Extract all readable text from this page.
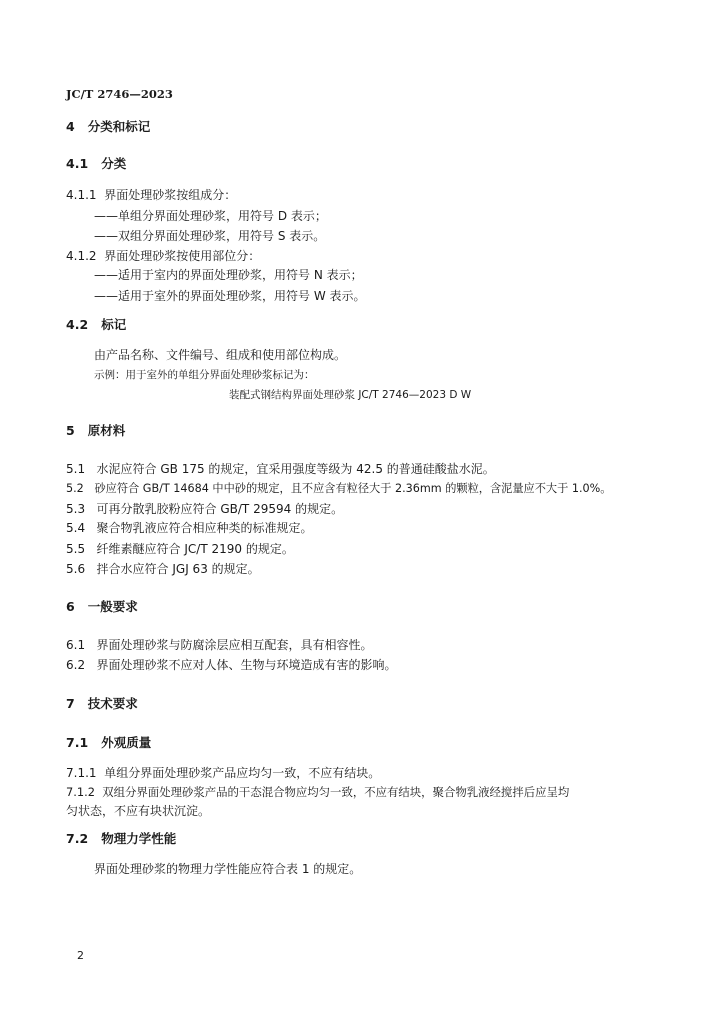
JC/T 2746—2023
4 分类和标记
4.1 分类
4.1.1 界面处理砂浆按组成分：
——单组分界面处理砂浆，用符号 D 表示；
——双组分界面处理砂浆，用符号 S 表示。
4.1.2 界面处理砂浆按使用部位分：
——适用于室内的界面处理砂浆，用符号 N 表示；
——适用于室外的界面处理砂浆，用符号 W 表示。
4.2 标记
由产品名称、文件编号、组成和使用部位构成。
示例：用于室外的单组分界面处理砂浆标记为：
装配式钢结构界面处理砂浆 JC/T 2746—2023 D W
5 原材料
5.1 水泥应符合 GB 175 的规定，宜采用强度等级为 42.5 的普通硅酸盐水泥。
5.2 砂应符合 GB/T 14684 中中砂的规定，且不应含有粒径大于 2.36mm 的颗粒，含泥量应不大于 1.0%。
5.3 可再分散乳胶粉应符合 GB/T 29594 的规定。
5.4 聚合物乳液应符合相应种类的标准规定。
5.5 纤维素醚应符合 JC/T 2190 的规定。
5.6 拌合水应符合 JGJ 63 的规定。
6 一般要求
6.1 界面处理砂浆与防腐涂层应相互配套，具有相容性。
6.2 界面处理砂浆不应对人体、生物与环境造成有害的影响。
7 技术要求
7.1 外观质量
7.1.1 单组分界面处理砂浆产品应均匀一致，不应有结块。
7.1.2 双组分界面处理砂浆产品的干态混合物应均匀一致，不应有结块，聚合物乳液经搅拌后应呈均
匀状态，不应有块状沉淀。
7.2 物理力学性能
界面处理砂浆的物理力学性能应符合表 1 的规定。
2
